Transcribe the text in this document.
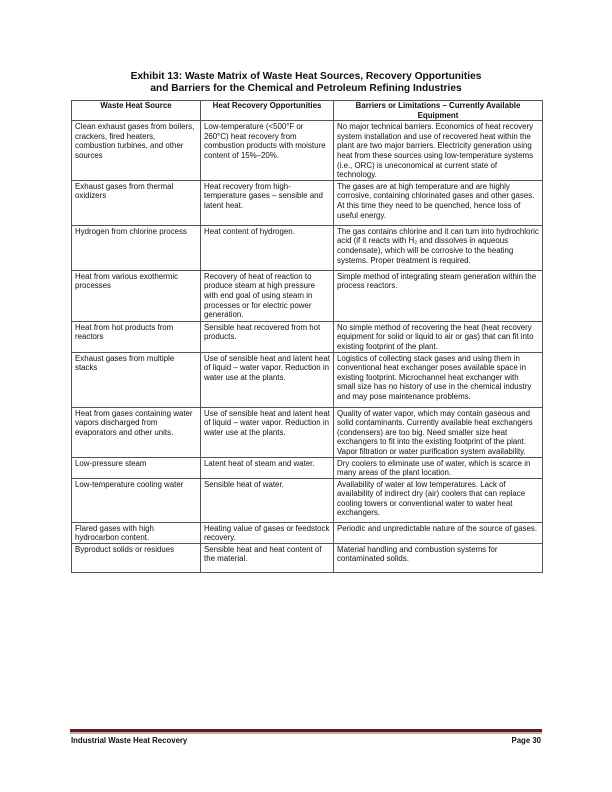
Exhibit 13: Waste Matrix of Waste Heat Sources, Recovery Opportunities
and Barriers for the Chemical and Petroleum Refining Industries
Waste Heat Source	Heat Recovery Opportunities	Barriers or Limitations – Currently Available Equipment
Clean exhaust gases from boilers, crackers, fired heaters, combustion turbines, and other sources	Low-temperature (<500°F or 260°C) heat recovery from combustion products with moisture content of 15%–20%.	No major technical barriers. Economics of heat recovery system installation and use of recovered heat within the plant are two major barriers. Electricity generation using heat from these sources using low-temperature systems (i.e., ORC) is uneconomical at current state of technology.
Exhaust gases from thermal oxidizers	Heat recovery from high-temperature gases – sensible and latent heat.	The gases are at high temperature and are highly corrosive, containing chlorinated gases and other gases. At this time they need to be quenched, hence loss of useful energy.
Hydrogen from chlorine process	Heat content of hydrogen.	The gas contains chlorine and it can turn into hydrochloric acid (if it reacts with H₂ and dissolves in aqueous condensate), which will be corrosive to the heating systems. Proper treatment is required.
Heat from various exothermic processes	Recovery of heat of reaction to produce steam at high pressure with end goal of using steam in processes or for electric power generation.	Simple method of integrating steam generation within the process reactors.
Heat from hot products from reactors	Sensible heat recovered from hot products.	No simple method of recovering the heat (heat recovery equipment for solid or liquid to air or gas) that can fit into existing footprint of the plant.
Exhaust gases from multiple stacks	Use of sensible heat and latent heat of liquid – water vapor. Reduction in water use at the plants.	Logistics of collecting stack gases and using them in conventional heat exchanger poses available space in existing footprint. Microchannel heat exchanger with small size has no history of use in the chemical industry and may pose maintenance problems.
Heat from gases containing water vapors discharged from evaporators and other units.	Use of sensible heat and latent heat of liquid – water vapor. Reduction in water use at the plants.	Quality of water vapor, which may contain gaseous and solid contaminants. Currently available heat exchangers (condensers) are too big. Need smaller size heat exchangers to fit into the existing footprint of the plant. Vapor filtration or water purification system availability.
Low-pressure steam	Latent heat of steam and water.	Dry coolers to eliminate use of water, which is scarce in many areas of the plant location.
Low-temperature cooling water	Sensible heat of water.	Availability of water at low temperatures. Lack of availability of indirect dry (air) coolers that can replace cooling towers or conventional water to water heat exchangers.
Flared gases with high hydrocarbon content.	Heating value of gases or feedstock recovery.	Periodic and unpredictable nature of the source of gases.
Byproduct solids or residues	Sensible heat and heat content of the material.	Material handling and combustion systems for contaminated solids.
Industrial Waste Heat Recovery	Page 30
